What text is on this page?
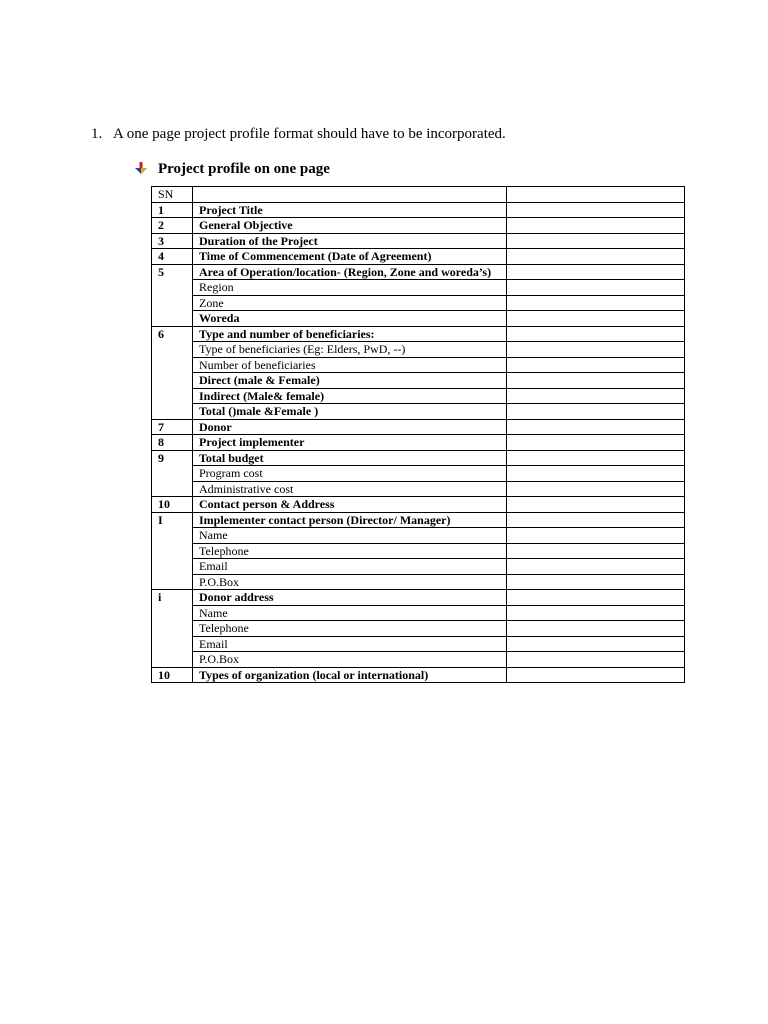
1. A one page project profile format should have to be incorporated.
Project profile on one page
SN		
1	Project Title	
2	General Objective	
3	Duration of the Project	
4	Time of Commencement (Date of Agreement)	
5	Area of Operation/location- (Region, Zone and woreda’s)	
	Region	
	Zone	
	Woreda	
6	Type and number of beneficiaries:	
	Type of beneficiaries (Eg: Elders, PwD, --)	
	Number of beneficiaries	
	Direct (male & Female)	
	Indirect (Male& female)	
	Total ()male &Female )	
7	Donor	
8	Project implementer	
9	Total budget	
	Program cost	
	Administrative cost	
10	Contact person & Address	
I	Implementer contact person (Director/ Manager)	
	Name	
	Telephone	
	Email	
	P.O.Box	
i	Donor address	
	Name	
	Telephone	
	Email	
	P.O.Box	
10	Types of organization (local or international)	
